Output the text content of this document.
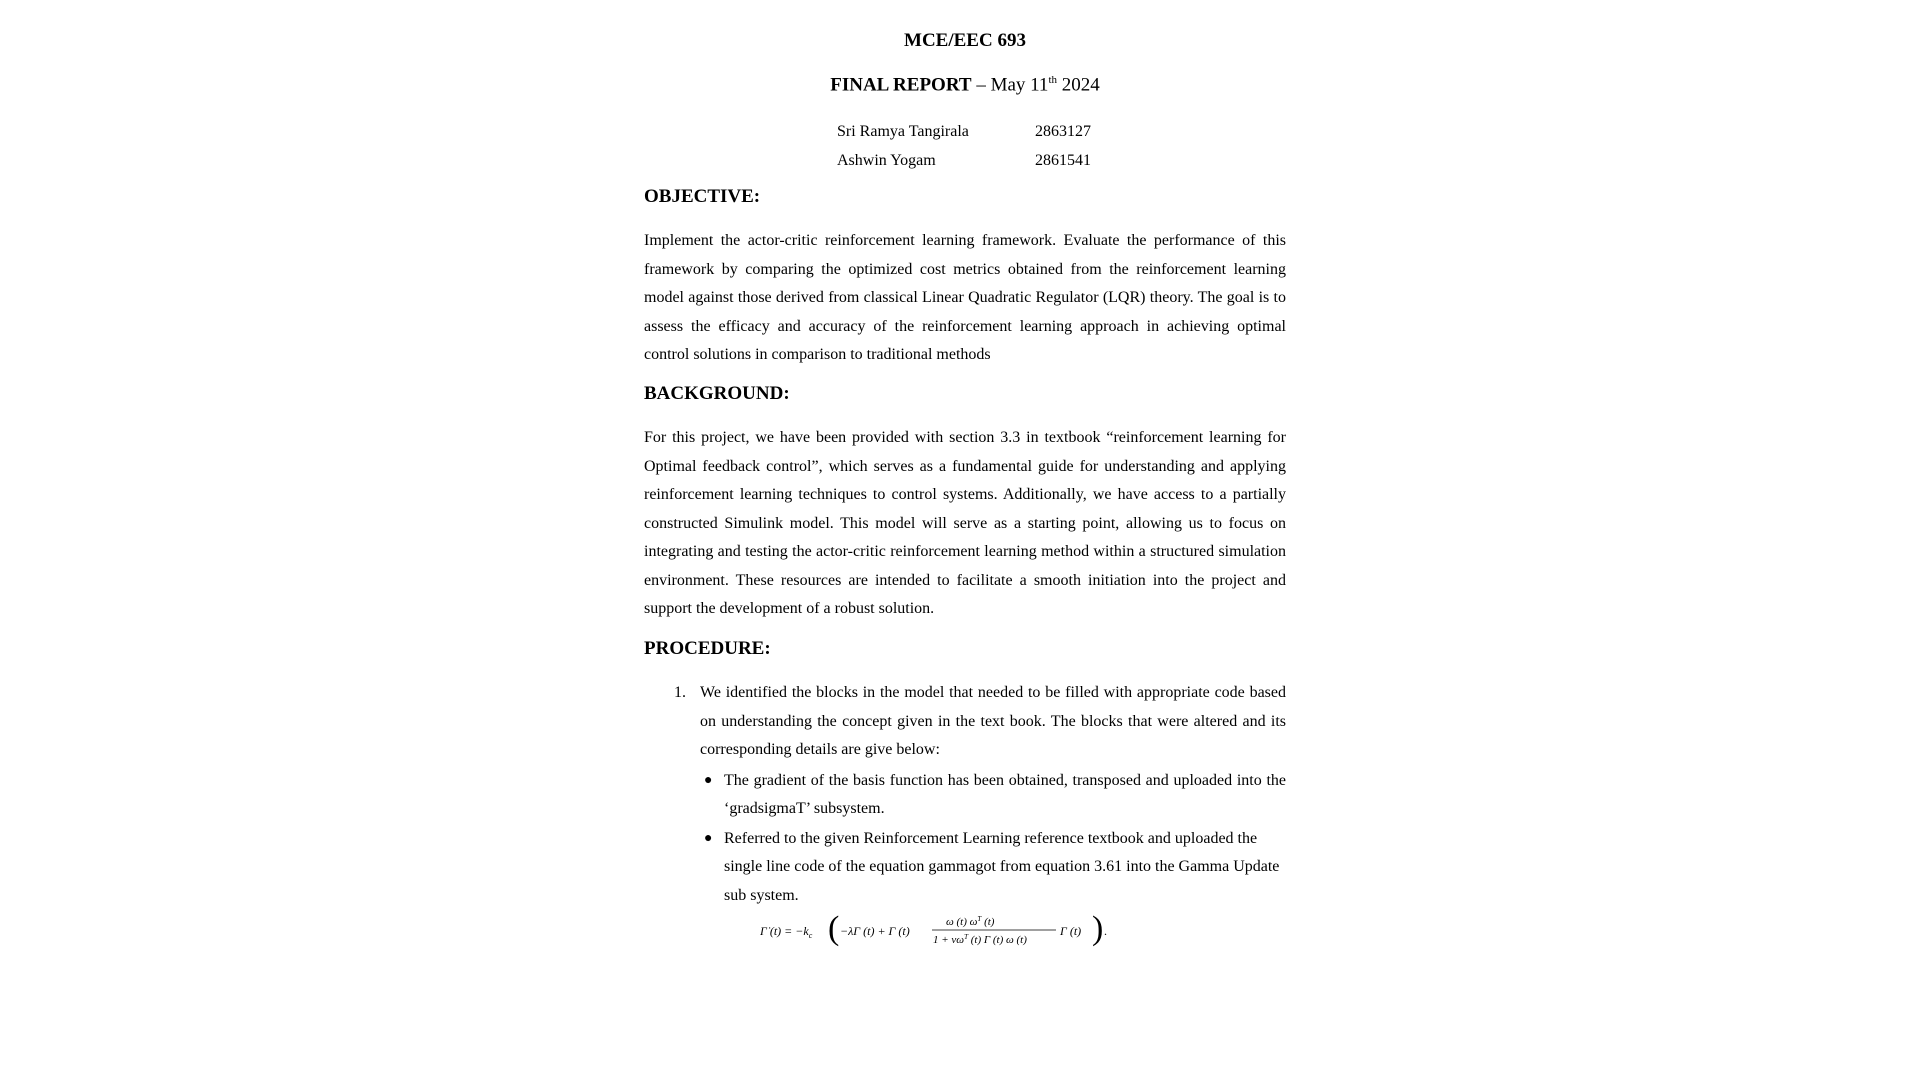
MCE/EEC 693
FINAL REPORT – May 11th 2024
Sri Ramya Tangirala	2863127
Ashwin Yogam	2861541
OBJECTIVE:
Implement the actor-critic reinforcement learning framework. Evaluate the performance of this framework by comparing the optimized cost metrics obtained from the reinforcement learning model against those derived from classical Linear Quadratic Regulator (LQR) theory. The goal is to assess the efficacy and accuracy of the reinforcement learning approach in achieving optimal control solutions in comparison to traditional methods
BACKGROUND:
For this project, we have been provided with section 3.3 in textbook “reinforcement learning for Optimal feedback control”, which serves as a fundamental guide for understanding and applying reinforcement learning techniques to control systems. Additionally, we have access to a partially constructed Simulink model. This model will serve as a starting point, allowing us to focus on integrating and testing the actor-critic reinforcement learning method within a structured simulation environment. These resources are intended to facilitate a smooth initiation into the project and support the development of a robust solution.
PROCEDURE:
1. We identified the blocks in the model that needed to be filled with appropriate code based on understanding the concept given in the text book. The blocks that were altered and its corresponding details are give below:
● The gradient of the basis function has been obtained, transposed and uploaded into the ‘gradsigmaT’ subsystem.
● Referred to the given Reinforcement Learning reference textbook and uploaded the single line code of the equation gammagot from equation 3.61 into the Gamma Update sub system.
Γ̇ $(t) = -k_c$ ( −λΓ (t) + Γ (t)
ω (t) $\omega^T$ (t)
$1 + v\omega^T$ (t) Γ (t) ω (t)
Γ (t) ) .
